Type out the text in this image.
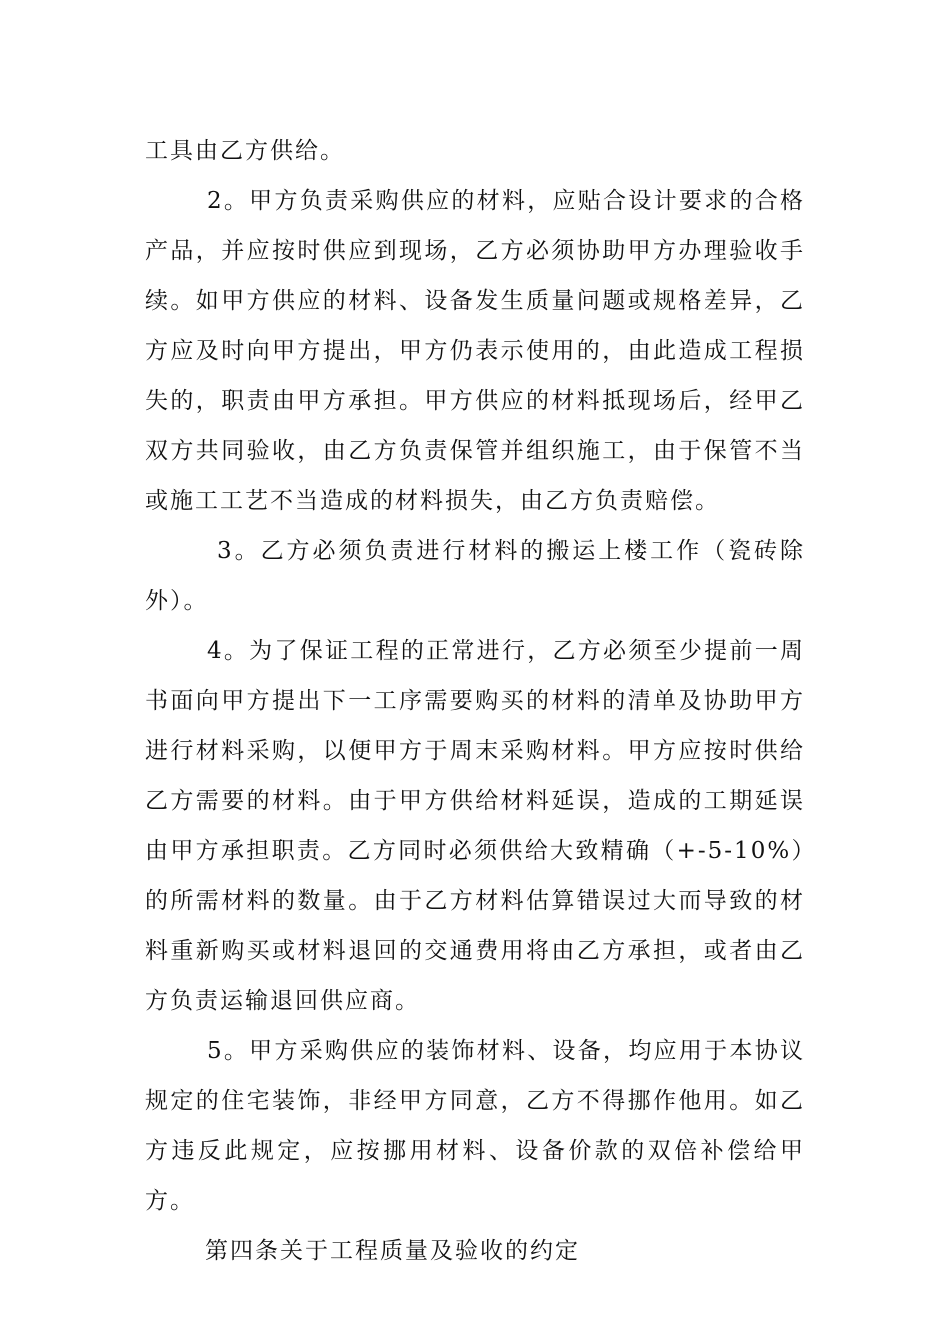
工具由乙方供给。

2。甲方负责采购供应的材料，应贴合设计要求的合格产品，并应按时供应到现场，乙方必须协助甲方办理验收手续。如甲方供应的材料、设备发生质量问题或规格差异，乙方应及时向甲方提出，甲方仍表示使用的，由此造成工程损失的，职责由甲方承担。甲方供应的材料抵现场后，经甲乙双方共同验收，由乙方负责保管并组织施工，由于保管不当或施工工艺不当造成的材料损失，由乙方负责赔偿。

3。乙方必须负责进行材料的搬运上楼工作（瓷砖除外）。

4。为了保证工程的正常进行，乙方必须至少提前一周书面向甲方提出下一工序需要购买的材料的清单及协助甲方进行材料采购，以便甲方于周末采购材料。甲方应按时供给乙方需要的材料。由于甲方供给材料延误，造成的工期延误由甲方承担职责。乙方同时必须供给大致精确（+-5-10%）的所需材料的数量。由于乙方材料估算错误过大而导致的材料重新购买或材料退回的交通费用将由乙方承担，或者由乙方负责运输退回供应商。

5。甲方采购供应的装饰材料、设备，均应用于本协议规定的住宅装饰，非经甲方同意，乙方不得挪作他用。如乙方违反此规定，应按挪用材料、设备价款的双倍补偿给甲方。

第四条关于工程质量及验收的约定
